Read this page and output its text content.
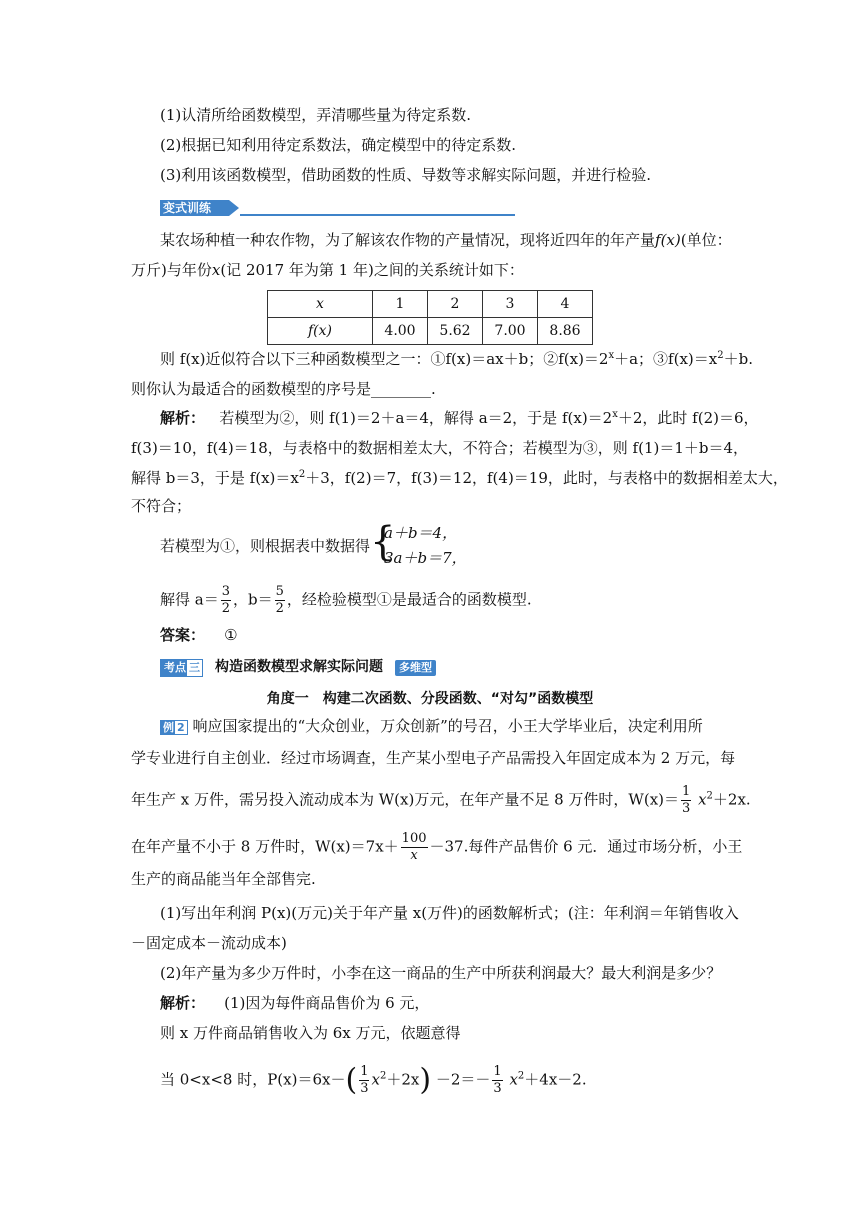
(1)认清所给函数模型，弄清哪些量为待定系数.
(2)根据已知利用待定系数法，确定模型中的待定系数.
(3)利用该函数模型，借助函数的性质、导数等求解实际问题，并进行检验.
变式训练
某农场种植一种农作物，为了解该农作物的产量情况，现将近四年的年产量f(x)(单位：
万斤)与年份x(记 2017 年为第 1 年)之间的关系统计如下：
x	1	2	3	4
f(x)	4.00	5.62	7.00	8.86
则 f(x)近似符合以下三种函数模型之一：①f(x)＝ax＋b；$②f(x)=2^x+a$；$③f(x)=x^2+b$.
则你认为最适合的函数模型的序号是________.
解析： 若模型为②，则 f(1)＝2＋a＝4，解得 a＝2，于是 $f(x)=2^x+2$，此时 f(2)＝6，
f(3)＝10，f(4)＝18，与表格中的数据相差太大，不符合；若模型为③，则 f(1)＝1＋b＝4，
解得 b＝3，于是 $f(x)=x^2+3$，f(2)＝7，f(3)＝12，f(4)＝19，此时，与表格中的数据相差太大，
不符合；
若模型为①，则根据表中数据得 {
a＋b＝4，
3a＋b＝7，
解得 $a= \frac{3}{2}$ ，$b= \frac{5}{2}$ ，经检验模型①是最适合的函数模型.
答案： ①
考点 三 构造函数模型求解实际问题 多维型
角度一　构建二次函数、分段函数、“对勾”函数模型
例 2 响应国家提出的“大众创业，万众创新”的号召，小王大学毕业后，决定利用所
学专业进行自主创业．经过市场调查，生产某小型电子产品需投入年固定成本为 2 万元，每
年生产 x 万件，需另投入流动成本为 W(x)万元，在年产量不足 8 万件时，$W(x)= \frac{1}{3} x^2+2x$.
在年产量不小于 8 万件时，$W(x)=7x+ \frac{100}{x} -37$.每件产品售价 6 元．通过市场分析，小王
生产的商品能当年全部售完.
(1)写出年利润 P(x)(万元)关于年产量 x(万件)的函数解析式；(注：年利润＝年销售收入
－固定成本－流动成本)
(2)年产量为多少万件时，小李在这一商品的生产中所获利润最大？最大利润是多少？
解析： (1)因为每件商品售价为 6 元，
则 x 万件商品销售收入为 6x 万元，依题意得
当 0<x<8 时，$P(x)=6x-( \frac{1}{3} x^2+2x) -2=- \frac{1}{3} x^2+4x-2$.
